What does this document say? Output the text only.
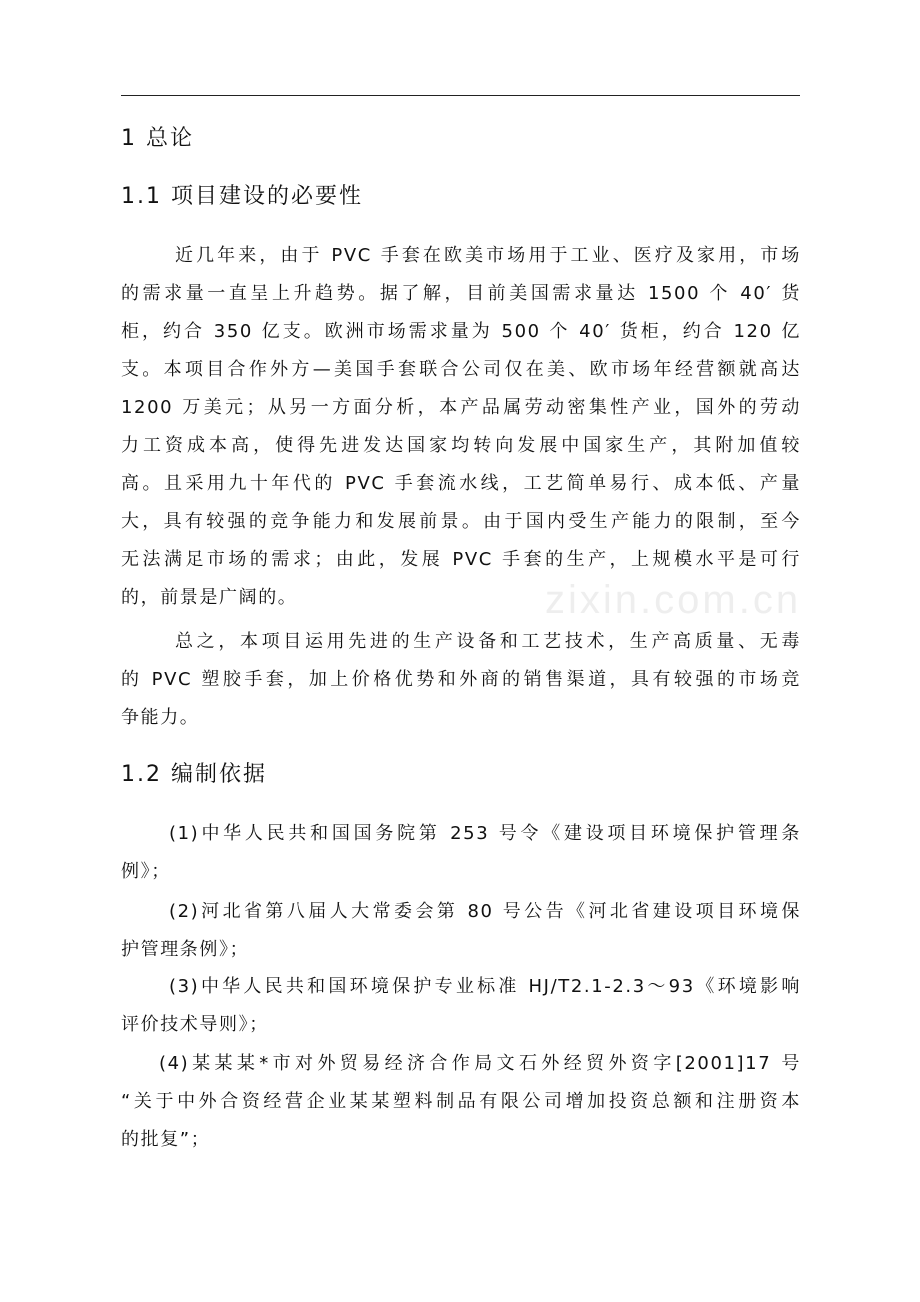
1 总论
1.1 项目建设的必要性
近几年来，由于 PVC 手套在欧美市场用于工业、医疗及家用，市场
的需求量一直呈上升趋势。据了解，目前美国需求量达 1500 个 40′ 货
柜，约合 350 亿支。欧洲市场需求量为 500 个 40′ 货柜，约合 120 亿
支。本项目合作外方—美国手套联合公司仅在美、欧市场年经营额就高达
1200 万美元；从另一方面分析，本产品属劳动密集性产业，国外的劳动
力工资成本高，使得先进发达国家均转向发展中国家生产，其附加值较
高。且采用九十年代的 PVC 手套流水线，工艺简单易行、成本低、产量
大，具有较强的竞争能力和发展前景。由于国内受生产能力的限制，至今
无法满足市场的需求；由此，发展 PVC 手套的生产，上规模水平是可行
的，前景是广阔的。	zixin.com.cn
总之，本项目运用先进的生产设备和工艺技术，生产高质量、无毒
的 PVC 塑胶手套，加上价格优势和外商的销售渠道，具有较强的市场竞
争能力。
1.2 编制依据
(1)中华人民共和国国务院第 253 号令《建设项目环境保护管理条
例》；
(2)河北省第八届人大常委会第 80 号公告《河北省建设项目环境保
护管理条例》；
(3)中华人民共和国环境保护专业标准 HJ/T2.1-2.3～93《环境影响
评价技术导则》；
(4)某某某*市对外贸易经济合作局文石外经贸外资字[2001]17 号
“关于中外合资经营企业某某塑料制品有限公司增加投资总额和注册资本
的批复”；
